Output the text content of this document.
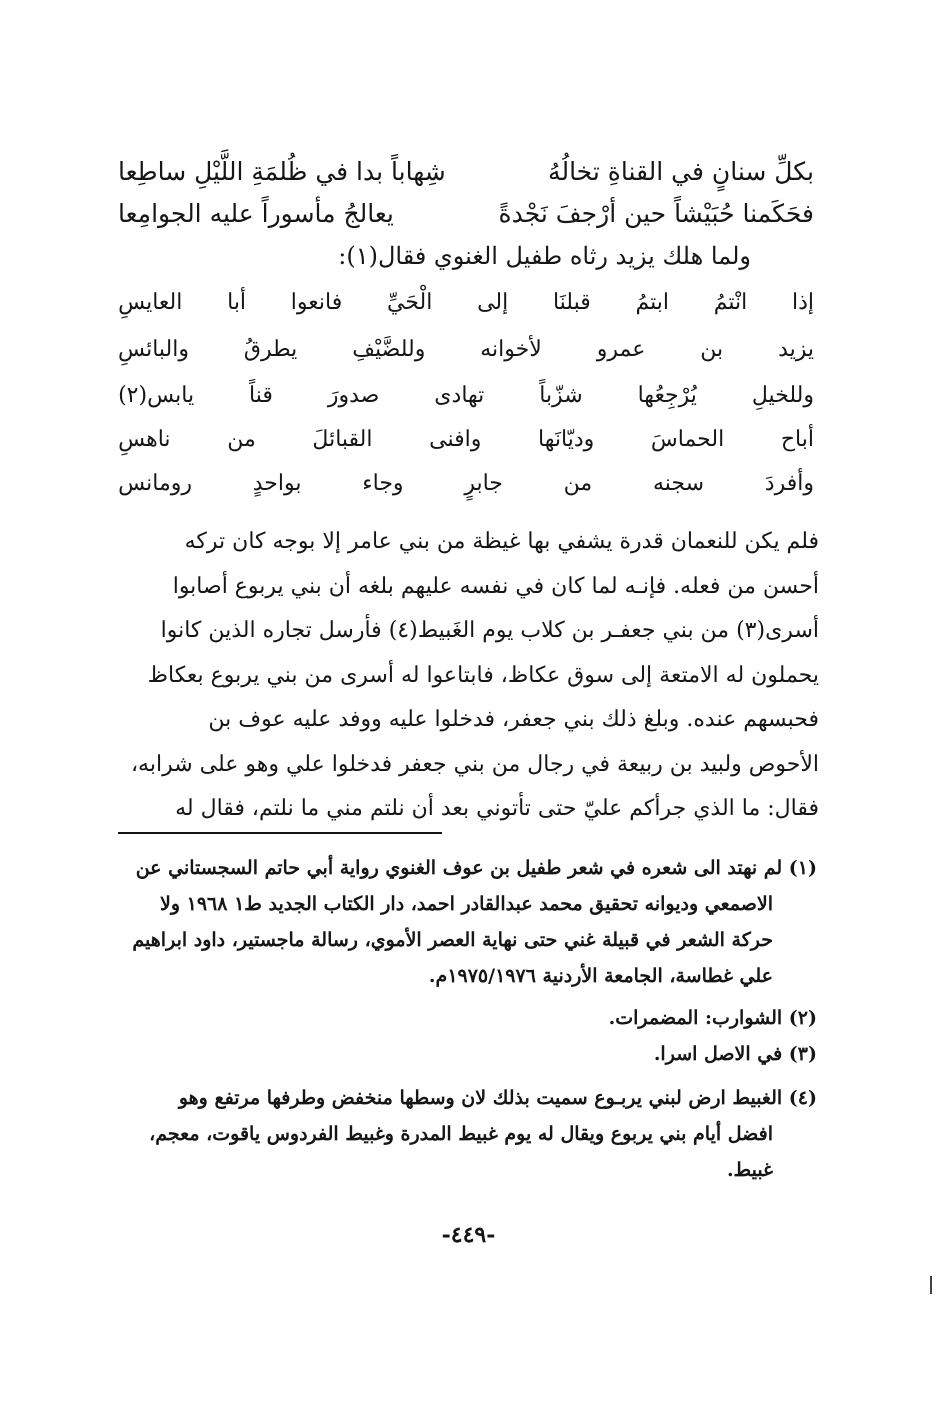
بكلِّ سنانٍ في القناةِ تخالُهُ
شِهاباً بدا في ظُلمَةِ اللَّيْلِ ساطِعا
فحَكَمنا حُبَيْشاً حين أرْجفَ نَجْدةً
يعالجُ مأسوراً عليه الجوامِعا
ولما هلك يزيد رثاه طفيل الغنوي فقال(١):
إذا
انْتمُ
ابتمُ
قبلنَا
إلى
الْحَيِّ
فانعوا
أبا
العايسِ
يزيد
بن
عمرو
لأخوانه
وللضَّيْفِ
يطرقُ
والبائسِ
وللخيلِ
يُرْجِعُها
شزّباً
تهادى
صدورَ
قناً
يابس(٢)
أباح
الحماسَ
وديّانَها
وافنى
القبائلَ
من
ناهسِ
وأفردَ
سجنه
من
جابرٍ
وجاء
بواحدٍ
رومانس
فلم يكن للنعمان قدرة يشفي بها غيظة من بني عامر إلا بوجه كان تركه
أحسن من فعله. فإنـه لما كان في نفسه عليهم بلغه أن بني يربوع أصابوا
أسرى(٣) من بني جعفـر بن كلاب يوم الغَبيط(٤) فأرسل تجاره الذين كانوا
يحملون له الامتعة إلى سوق عكاظ، فابتاعوا له أسرى من بني يربوع بعكاظ
فحبسهم عنده. وبلغ ذلك بني جعفر، فدخلوا عليه ووفد عليه عوف بن
الأحوص ولبيد بن ربيعة في رجال من بني جعفر فدخلوا علي وهو على شرابه،
فقال: ما الذي جرأكم عليّ حتى تأتوني بعد أن نلتم مني ما نلتم، فقال له
(١) لم نهتد الى شعره في شعر طفيل بن عوف الغنوي رواية أبي حاتم السجستاني عن
الاصمعي وديوانه تحقيق محمد عبدالقادر احمد، دار الكتاب الجديد ط١ ١٩٦٨ ولا
حركة الشعر في قبيلة غني حتى نهاية العصر الأموي، رسالة ماجستير، داود ابراهيم
علي غطاسة، الجامعة الأردنية ١٩٧٥/١٩٧٦م.
(٢) الشوارب: المضمرات.
(٣) في الاصل اسرا.
(٤) الغبيط ارض لبني يربـوع سميت بذلك لان وسطها منخفض وطرفها مرتفع وهو
افضل أيام بني يربوع ويقال له يوم غبيط المدرة وغبيط الفردوس ياقوت، معجم،
غبيط.
-٤٤٩-
